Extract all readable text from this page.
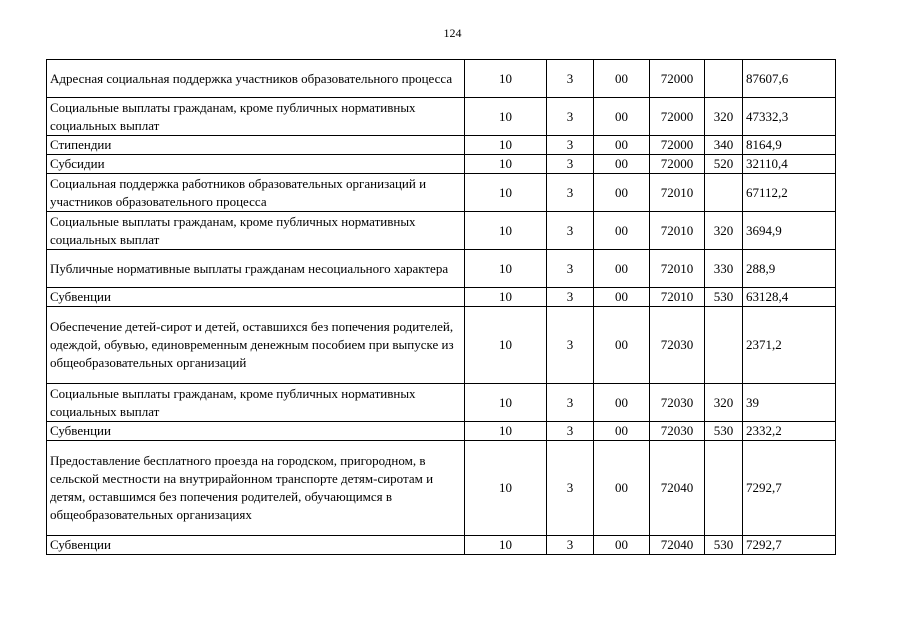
124
Адресная социальная поддержка участников образовательного процесса	10	3	00	72000		87607,6
Социальные выплаты гражданам, кроме публичных нормативных социальных выплат	10	3	00	72000	320	47332,3
Стипендии	10	3	00	72000	340	8164,9
Субсидии	10	3	00	72000	520	32110,4
Социальная поддержка работников образовательных организаций и участников образовательного процесса	10	3	00	72010		67112,2
Социальные выплаты гражданам, кроме публичных нормативных социальных выплат	10	3	00	72010	320	3694,9
Публичные нормативные выплаты гражданам несоциального характера	10	3	00	72010	330	288,9
Субвенции	10	3	00	72010	530	63128,4
Обеспечение детей-сирот и детей, оставшихся без попечения родителей, одеждой, обувью, единовременным денежным пособием при выпуске из общеобразовательных организаций	10	3	00	72030		2371,2
Социальные выплаты гражданам, кроме публичных нормативных социальных выплат	10	3	00	72030	320	39
Субвенции	10	3	00	72030	530	2332,2
Предоставление бесплатного проезда на городском, пригородном, в сельской местности на внутрирайонном транспорте детям-сиротам и детям, оставшимся без попечения родителей, обучающимся в общеобразовательных организациях	10	3	00	72040		7292,7
Субвенции	10	3	00	72040	530	7292,7
